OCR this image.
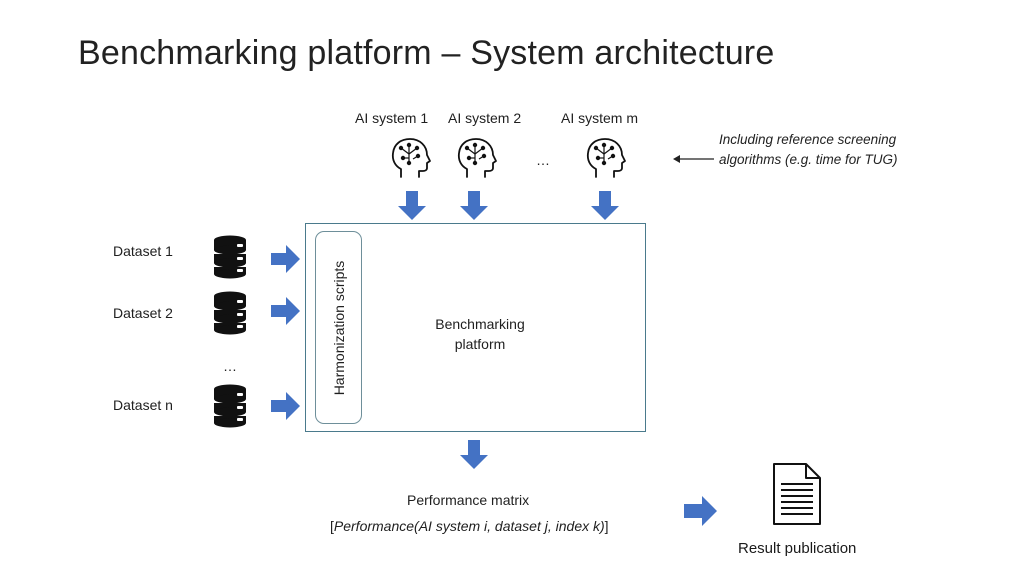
Benchmarking platform – System architecture
AI system 1 AI system 2	AI system m
…
Including reference screening algorithms (e.g. time for TUG)
Dataset 1
Dataset 2
…
Dataset n
Harmonization scripts	Benchmarking platform
Performance matrix
[Performance(AI system i, dataset j, index k)]
Result publication
